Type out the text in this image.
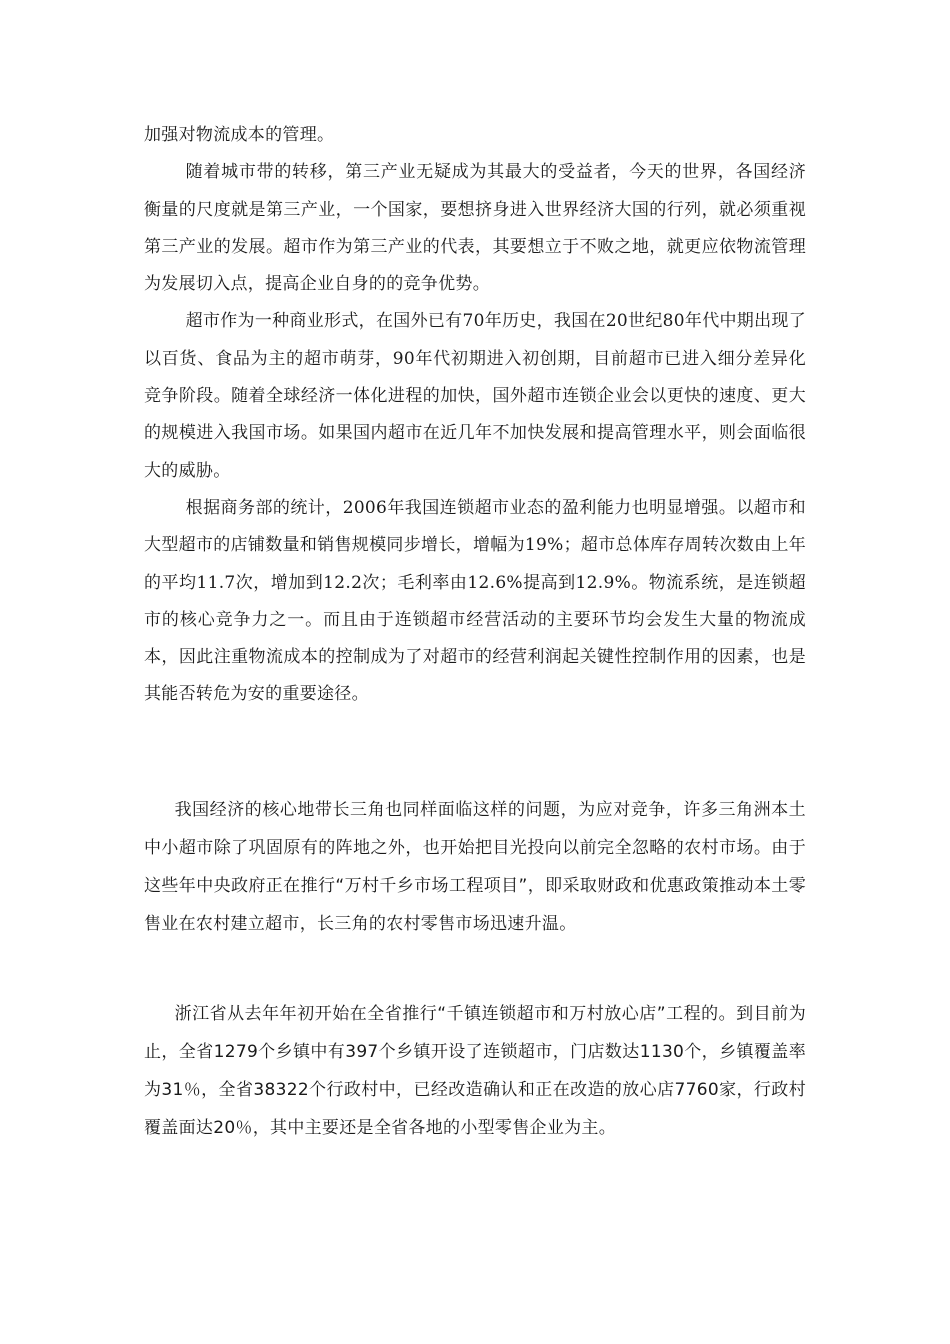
加强对物流成本的管理。

随着城市带的转移，第三产业无疑成为其最大的受益者，今天的世界，各国经济衡量的尺度就是第三产业，一个国家，要想挤身进入世界经济大国的行列，就必须重视第三产业的发展。超市作为第三产业的代表，其要想立于不败之地，就更应依物流管理为发展切入点，提高企业自身的的竞争优势。

超市作为一种商业形式，在国外已有70年历史，我国在20世纪80年代中期出现了以百货、食品为主的超市萌芽，90年代初期进入初创期，目前超市已进入细分差异化竞争阶段。随着全球经济一体化进程的加快，国外超市连锁企业会以更快的速度、更大的规模进入我国市场。如果国内超市在近几年不加快发展和提高管理水平，则会面临很大的威胁。

根据商务部的统计，2006年我国连锁超市业态的盈利能力也明显增强。以超市和大型超市的店铺数量和销售规模同步增长，增幅为19%；超市总体库存周转次数由上年的平均11.7次，增加到12.2次；毛利率由12.6%提高到12.9%。物流系统，是连锁超市的核心竞争力之一。而且由于连锁超市经营活动的主要环节均会发生大量的物流成本，因此注重物流成本的控制成为了对超市的经营利润起关键性控制作用的因素，也是其能否转危为安的重要途径。

我国经济的核心地带长三角也同样面临这样的问题，为应对竞争，许多三角洲本土中小超市除了巩固原有的阵地之外，也开始把目光投向以前完全忽略的农村市场。由于这些年中央政府正在推行“万村千乡市场工程项目”，即采取财政和优惠政策推动本土零售业在农村建立超市，长三角的农村零售市场迅速升温。

浙江省从去年年初开始在全省推行“千镇连锁超市和万村放心店”工程的。到目前为止，全省1279个乡镇中有397个乡镇开设了连锁超市，门店数达1130个，乡镇覆盖率为31％，全省38322个行政村中，已经改造确认和正在改造的放心店7760家，行政村覆盖面达20％，其中主要还是全省各地的小型零售企业为主。
